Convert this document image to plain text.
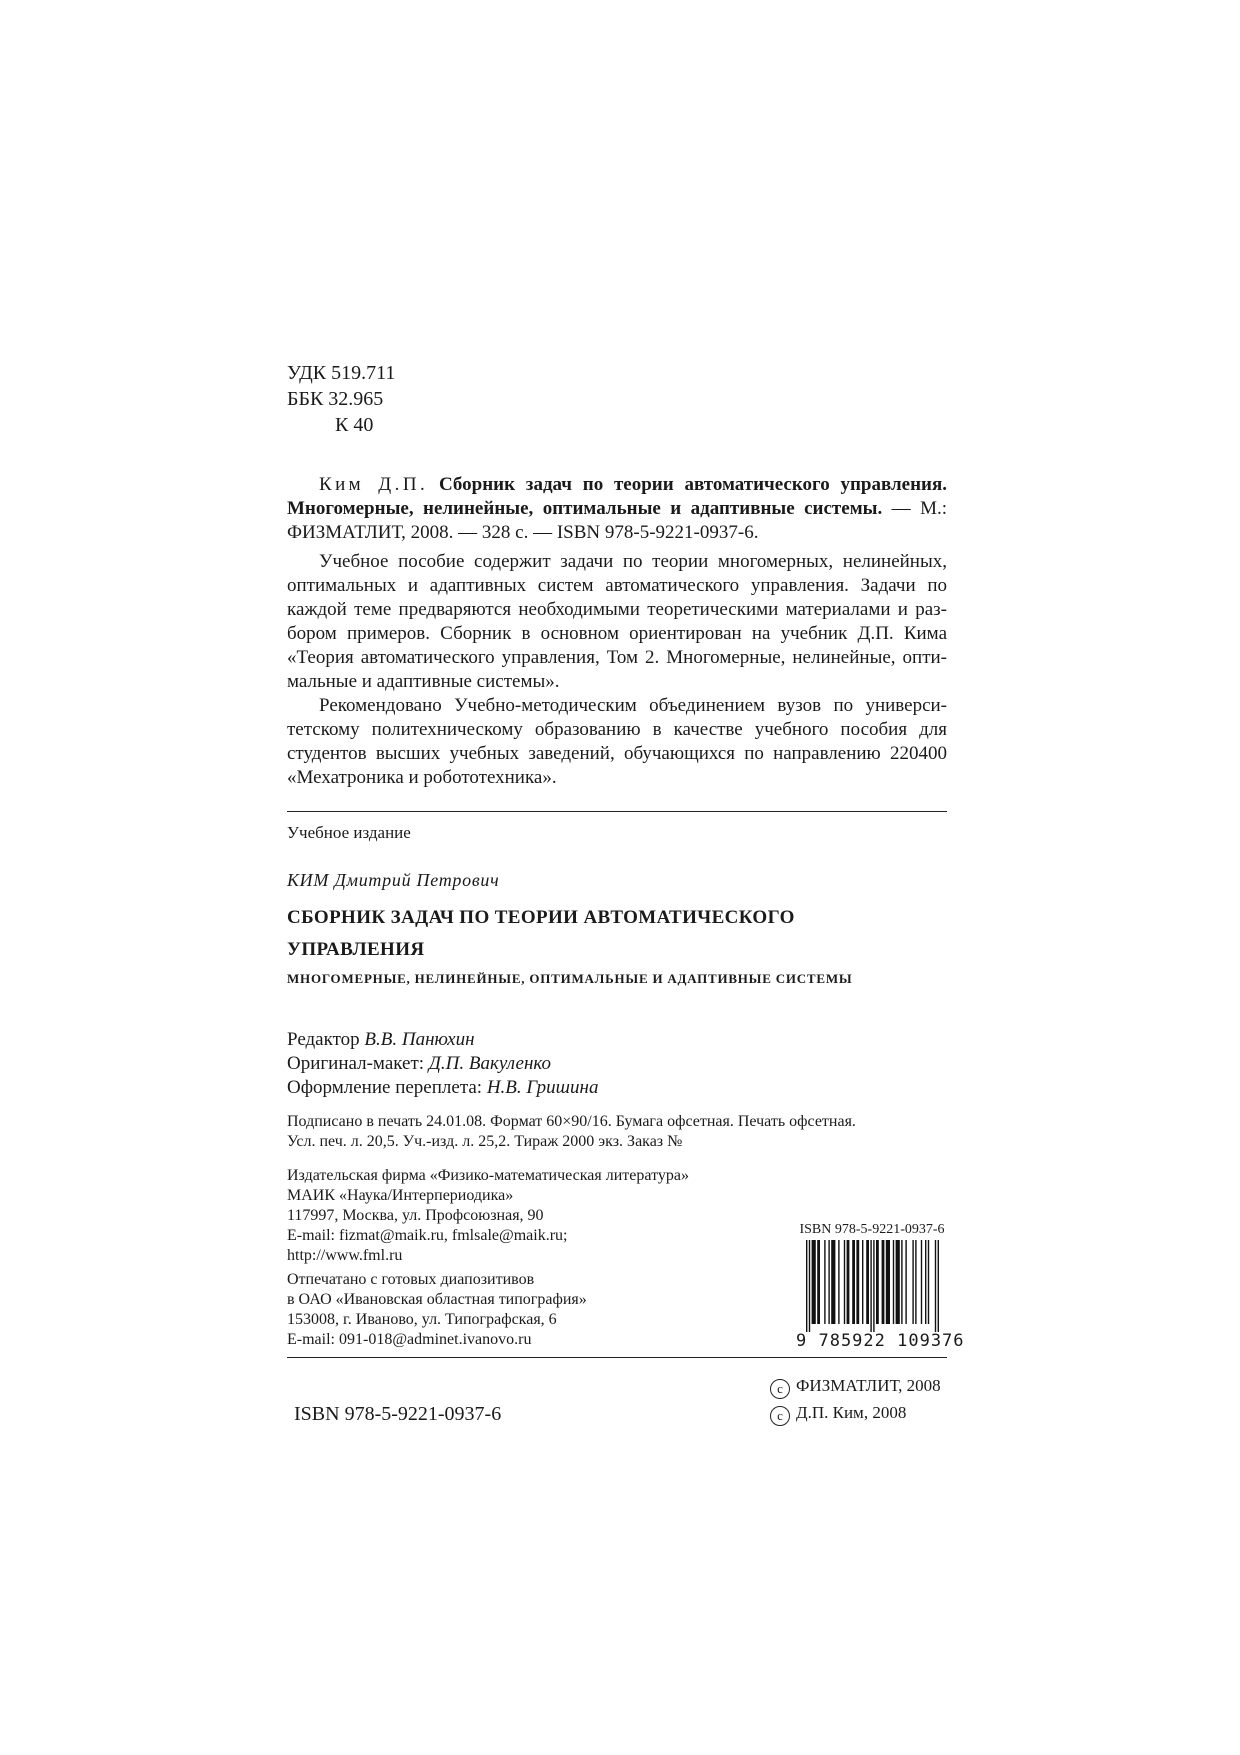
УДК 519.711
ББК 32.965
К 40

Ким Д.П. Сборник задач по теории автоматического управления. Многомерные, нелинейные, оптимальные и адаптивные системы. — М.: ФИЗМАТЛИТ, 2008. — 328 с. — ISBN 978-5-9221-0937-6.

Учебное пособие содержит задачи по теории многомерных, нелинейных, оптимальных и адаптивных систем автоматического управления. Задачи по каждой теме предваряются необходимыми теоретическими материалами и разбором примеров. Сборник в основном ориентирован на учебник Д.П. Кима «Теория автоматического управления, Том 2. Многомерные, нелинейные, оптимальные и адаптивные системы».

Рекомендовано Учебно-методическим объединением вузов по университетскому политехническому образованию в качестве учебного пособия для студентов высших учебных заведений, обучающихся по направлению 220400 «Мехатроника и робототехника».

Учебное издание
КИМ Дмитрий Петрович
СБОРНИК ЗАДАЧ ПО ТЕОРИИ АВТОМАТИЧЕСКОГО
УПРАВЛЕНИЯ
МНОГОМЕРНЫЕ, НЕЛИНЕЙНЫЕ, ОПТИМАЛЬНЫЕ И АДАПТИВНЫЕ СИСТЕМЫ
Редактор В.В. Панюхин
Оригинал-макет: Д.П. Вакуленко
Оформление переплета: Н.В. Гришина
Подписано в печать 24.01.08. Формат 60×90/16. Бумага офсетная. Печать офсетная.
Усл. печ. л. 20,5. Уч.-изд. л. 25,2. Тираж 2000 экз. Заказ №
Издательская фирма «Физико-математическая литература»
МАИК «Наука/Интерпериодика»
117997, Москва, ул. Профсоюзная, 90
E-mail: fizmat@maik.ru, fmlsale@maik.ru;
http://www.fml.ru
Отпечатано с готовых диапозитивов
в ОАО «Ивановская областная типография»
153008, г. Иваново, ул. Типографская, 6
E-mail: 091-018@adminet.ivanovo.ru
ISBN 978-5-9221-0937-6
9 785922 109376
ISBN 978-5-9221-0937-6
c ФИЗМАТЛИТ, 2008
c Д.П. Ким, 2008
